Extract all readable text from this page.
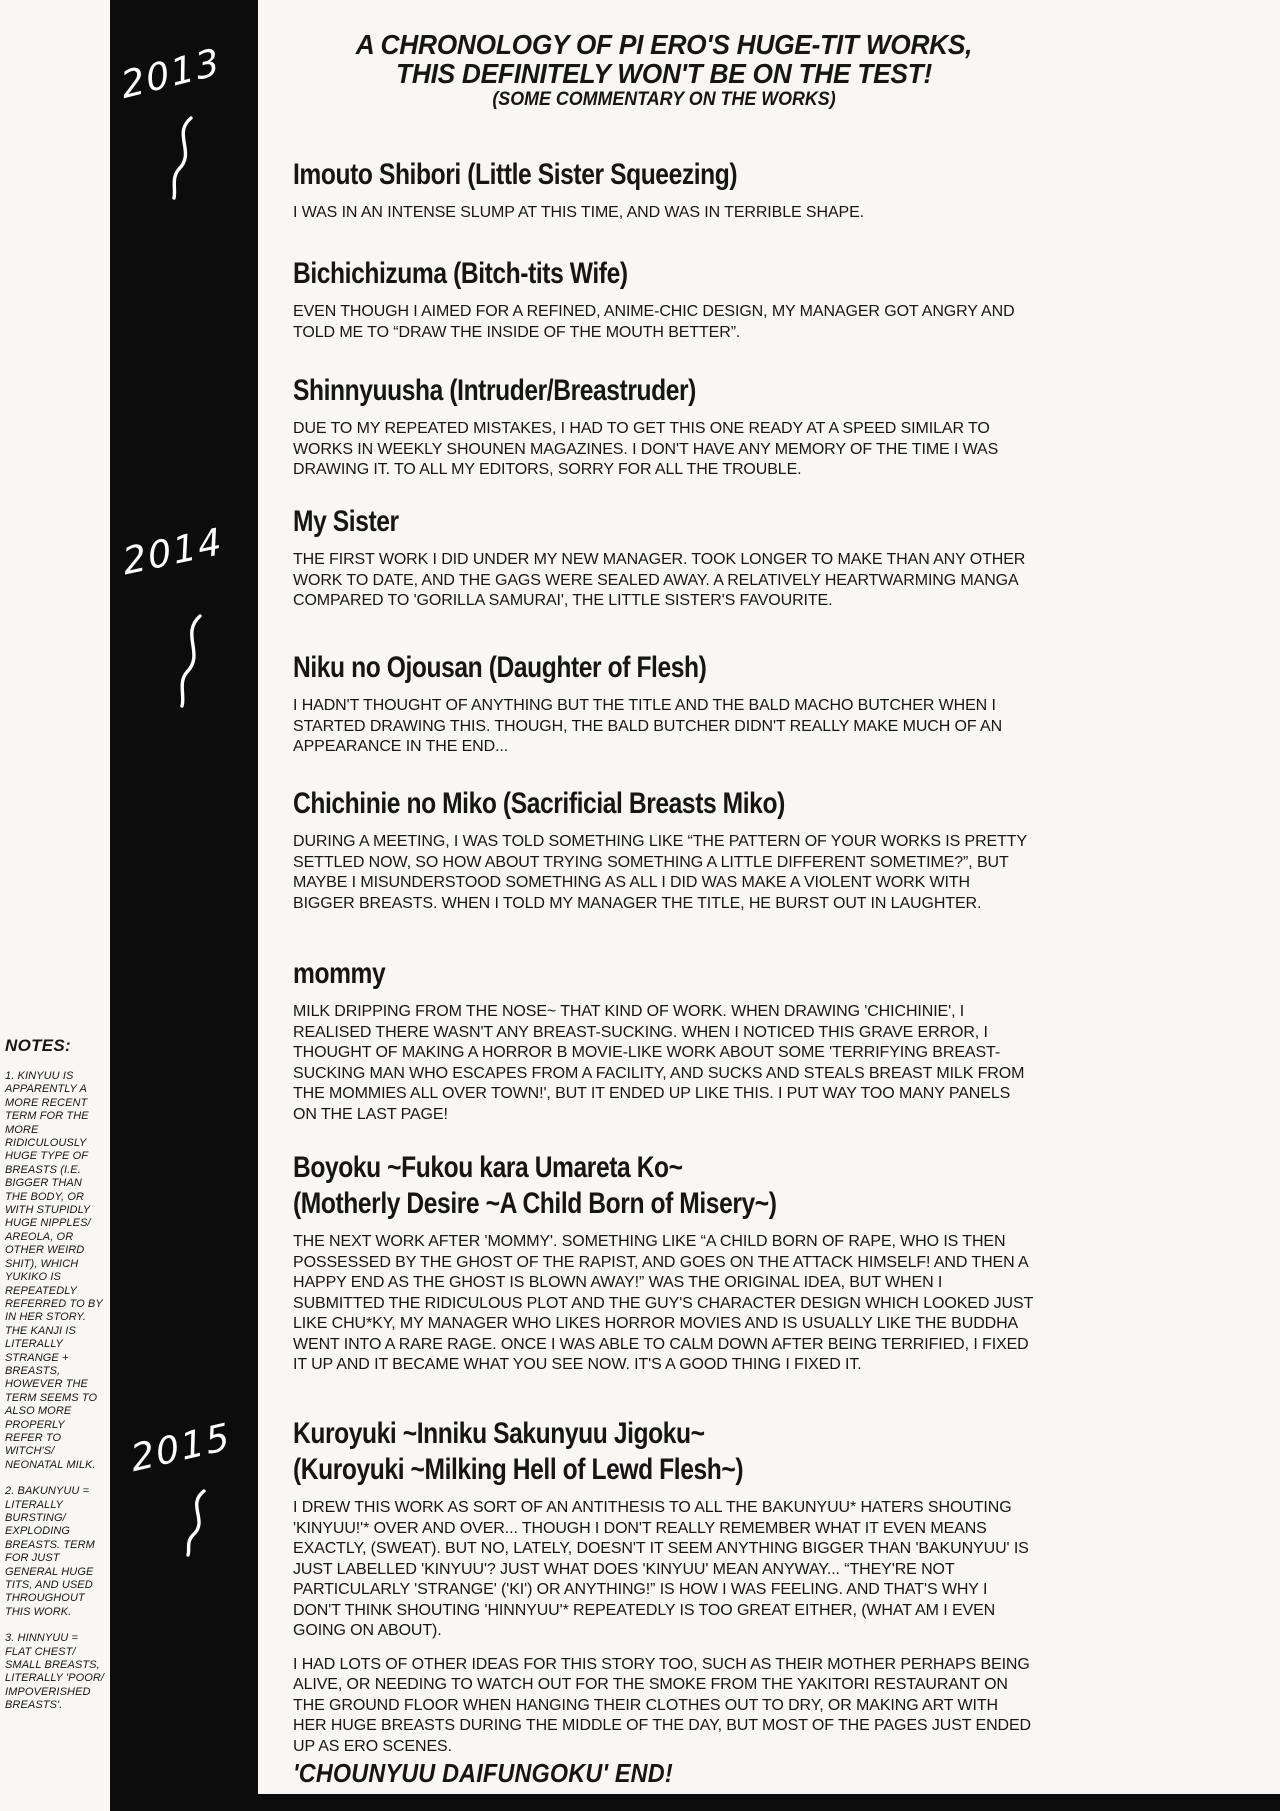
2013
2014
2015
NOTES:
1. KINYUU IS APPARENTLY A MORE RECENT TERM FOR THE MORE RIDICULOUSLY HUGE TYPE OF BREASTS (I.E. BIGGER THAN THE BODY, OR WITH STUPIDLY HUGE NIPPLES/ AREOLA, OR OTHER WEIRD SHIT), WHICH YUKIKO IS REPEATEDLY REFERRED TO BY IN HER STORY. THE KANJI IS LITERALLY STRANGE + BREASTS, HOWEVER THE TERM SEEMS TO ALSO MORE PROPERLY REFER TO WITCH'S/ NEONATAL MILK.
2. BAKUNYUU = LITERALLY BURSTING/ EXPLODING BREASTS. TERM FOR JUST GENERAL HUGE TITS, AND USED THROUGHOUT THIS WORK.
3. HINNYUU = FLAT CHEST/ SMALL BREASTS, LITERALLY 'POOR/ IMPOVERISHED BREASTS'.
A CHRONOLOGY OF PI ERO'S HUGE-TIT WORKS,
THIS DEFINITELY WON'T BE ON THE TEST!
(SOME COMMENTARY ON THE WORKS)
Imouto Shibori (Little Sister Squeezing)

I WAS IN AN INTENSE SLUMP AT THIS TIME, AND WAS IN TERRIBLE SHAPE.

Bichichizuma (Bitch-tits Wife)

EVEN THOUGH I AIMED FOR A REFINED, ANIME-CHIC DESIGN, MY MANAGER GOT ANGRY AND TOLD ME TO “DRAW THE INSIDE OF THE MOUTH BETTER”.

Shinnyuusha (Intruder/Breastruder)

DUE TO MY REPEATED MISTAKES, I HAD TO GET THIS ONE READY AT A SPEED SIMILAR TO WORKS IN WEEKLY SHOUNEN MAGAZINES. I DON'T HAVE ANY MEMORY OF THE TIME I WAS DRAWING IT. TO ALL MY EDITORS, SORRY FOR ALL THE TROUBLE.

My Sister

THE FIRST WORK I DID UNDER MY NEW MANAGER. TOOK LONGER TO MAKE THAN ANY OTHER WORK TO DATE, AND THE GAGS WERE SEALED AWAY. A RELATIVELY HEARTWARMING MANGA COMPARED TO 'GORILLA SAMURAI', THE LITTLE SISTER'S FAVOURITE.

Niku no Ojousan (Daughter of Flesh)

I HADN'T THOUGHT OF ANYTHING BUT THE TITLE AND THE BALD MACHO BUTCHER WHEN I STARTED DRAWING THIS. THOUGH, THE BALD BUTCHER DIDN'T REALLY MAKE MUCH OF AN APPEARANCE IN THE END...

Chichinie no Miko (Sacrificial Breasts Miko)

DURING A MEETING, I WAS TOLD SOMETHING LIKE “THE PATTERN OF YOUR WORKS IS PRETTY SETTLED NOW, SO HOW ABOUT TRYING SOMETHING A LITTLE DIFFERENT SOMETIME?”, BUT MAYBE I MISUNDERSTOOD SOMETHING AS ALL I DID WAS MAKE A VIOLENT WORK WITH BIGGER BREASTS. WHEN I TOLD MY MANAGER THE TITLE, HE BURST OUT IN LAUGHTER.

mommy

MILK DRIPPING FROM THE NOSE~ THAT KIND OF WORK. WHEN DRAWING 'CHICHINIE', I REALISED THERE WASN'T ANY BREAST-SUCKING. WHEN I NOTICED THIS GRAVE ERROR, I THOUGHT OF MAKING A HORROR B MOVIE-LIKE WORK ABOUT SOME 'TERRIFYING BREAST-SUCKING MAN WHO ESCAPES FROM A FACILITY, AND SUCKS AND STEALS BREAST MILK FROM THE MOMMIES ALL OVER TOWN!', BUT IT ENDED UP LIKE THIS. I PUT WAY TOO MANY PANELS ON THE LAST PAGE!

Boyoku ~Fukou kara Umareta Ko~
(Motherly Desire ~A Child Born of Misery~)

THE NEXT WORK AFTER 'MOMMY'. SOMETHING LIKE “A CHILD BORN OF RAPE, WHO IS THEN POSSESSED BY THE GHOST OF THE RAPIST, AND GOES ON THE ATTACK HIMSELF! AND THEN A HAPPY END AS THE GHOST IS BLOWN AWAY!” WAS THE ORIGINAL IDEA, BUT WHEN I SUBMITTED THE RIDICULOUS PLOT AND THE GUY'S CHARACTER DESIGN WHICH LOOKED JUST LIKE CHU*KY, MY MANAGER WHO LIKES HORROR MOVIES AND IS USUALLY LIKE THE BUDDHA WENT INTO A RARE RAGE. ONCE I WAS ABLE TO CALM DOWN AFTER BEING TERRIFIED, I FIXED IT UP AND IT BECAME WHAT YOU SEE NOW. IT'S A GOOD THING I FIXED IT.

Kuroyuki ~Inniku Sakunyuu Jigoku~
(Kuroyuki ~Milking Hell of Lewd Flesh~)

I DREW THIS WORK AS SORT OF AN ANTITHESIS TO ALL THE BAKUNYUU* HATERS SHOUTING 'KINYUU!'* OVER AND OVER... THOUGH I DON'T REALLY REMEMBER WHAT IT EVEN MEANS EXACTLY, (SWEAT). BUT NO, LATELY, DOESN'T IT SEEM ANYTHING BIGGER THAN 'BAKUNYUU' IS JUST LABELLED 'KINYUU'? JUST WHAT DOES 'KINYUU' MEAN ANYWAY... “THEY'RE NOT PARTICULARLY 'STRANGE' ('KI') OR ANYTHING!” IS HOW I WAS FEELING. AND THAT'S WHY I DON'T THINK SHOUTING 'HINNYUU'* REPEATEDLY IS TOO GREAT EITHER, (WHAT AM I EVEN GOING ON ABOUT).

I HAD LOTS OF OTHER IDEAS FOR THIS STORY TOO, SUCH AS THEIR MOTHER PERHAPS BEING ALIVE, OR NEEDING TO WATCH OUT FOR THE SMOKE FROM THE YAKITORI RESTAURANT ON THE GROUND FLOOR WHEN HANGING THEIR CLOTHES OUT TO DRY, OR MAKING ART WITH HER HUGE BREASTS DURING THE MIDDLE OF THE DAY, BUT MOST OF THE PAGES JUST ENDED UP AS ERO SCENES.

'CHOUNYUU DAIFUNGOKU' END!
